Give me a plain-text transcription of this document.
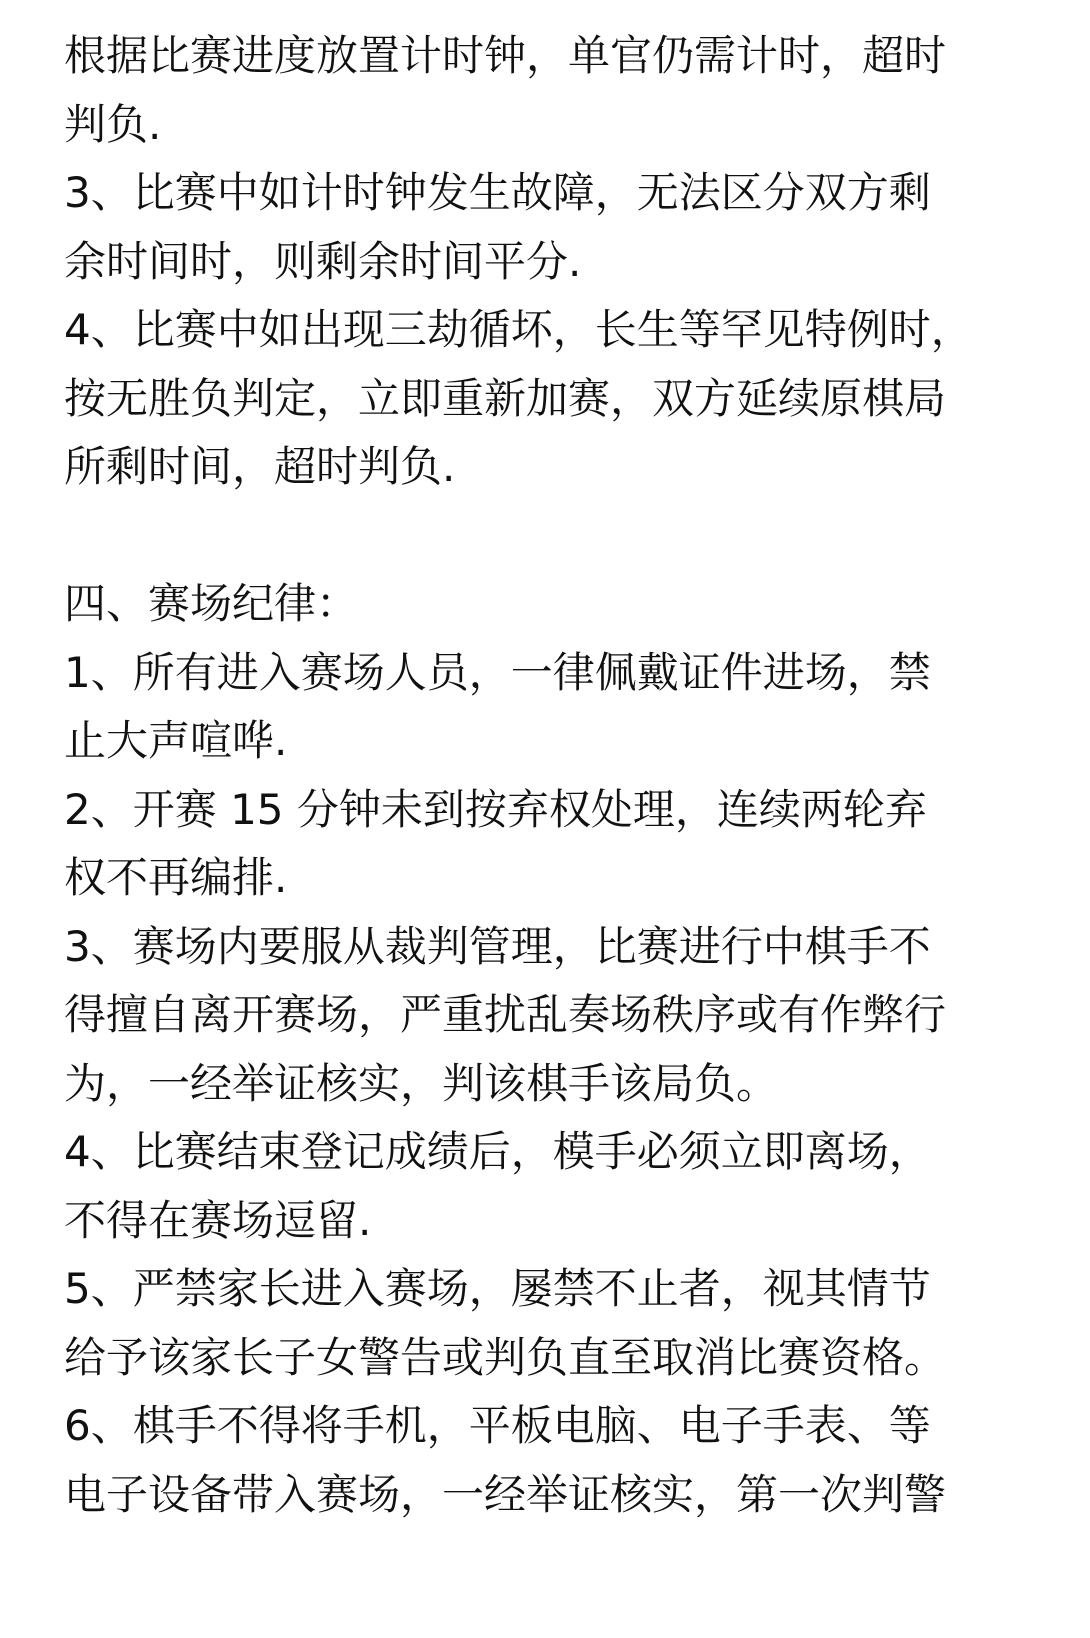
根据比赛进度放置计时钟，单官仍需计时，超时
判负.
3、比赛中如计时钟发生故障，无法区分双方剩
余时间时，则剩余时间平分.
4、比赛中如出现三劫循坏，长生等罕见特例时，
按无胜负判定，立即重新加赛，双方延续原棋局
所剩时间，超时判负.
四、赛场纪律：
1、所有进入赛场人员，一律佩戴证件进场，禁
止大声喧哗.
2、开赛 15 分钟未到按弃权处理，连续两轮弃
权不再编排.
3、赛场内要服从裁判管理，比赛进行中棋手不
得擅自离开赛场，严重扰乱奏场秩序或有作弊行
为，一经举证核实，判该棋手该局负。
4、比赛结束登记成绩后，模手必须立即离场，
不得在赛场逗留.
5、严禁家长进入赛场，屡禁不止者，视其情节
给予该家长子女警告或判负直至取消比赛资格。
6、棋手不得将手机，平板电脑、电子手表、等
电子设备带入赛场，一经举证核实，第一次判警
